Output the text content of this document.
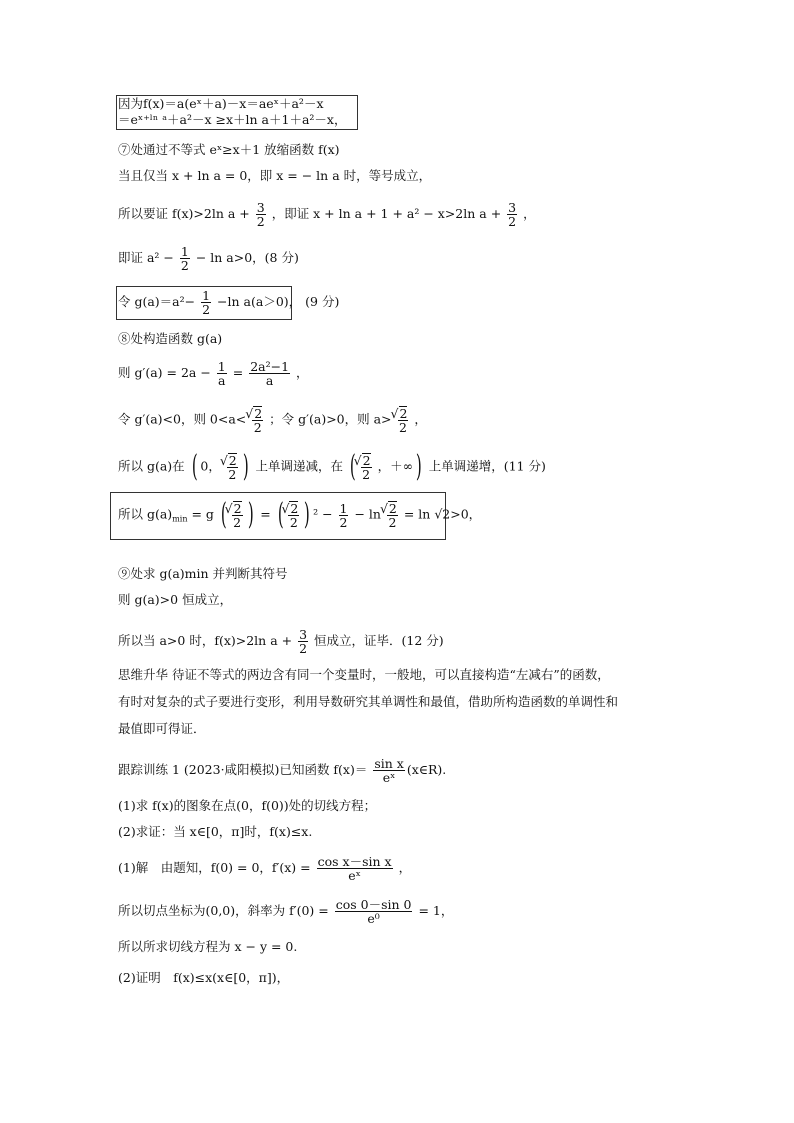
因为f(x)＝a(eˣ＋a)－x＝aeˣ＋a²－x
＝eˣ⁺ˡⁿ ᵃ＋a²－x ≥x＋ln a＋1＋a²－x，
⑦处通过不等式 eˣ≥x＋1 放缩函数 f(x)
当且仅当 x + ln a = 0，即 x = − ln a 时，等号成立，
所以要证 f(x)>2ln $a + \frac{3}{2}$ ，即证 x + ln a + 1 + a² − x>2ln $a + \frac{3}{2}$ ，
即证 $a^2 - \frac{1}{2} - \ln a>0$，(8 分)
令 $g(a)=a^2- \frac{1}{2} -\ln$ a(a＞0)， (9 分)
⑧处构造函数 g(a)
则 $g'(a) = 2a - \frac{1}{a} = \frac{\text{2a²−1}}{a}$ ，
令 g′(a)<0，则 0<a< √ $\frac{2}{2}$ ；令 g′(a)>0，则 a> √ $\frac{2}{2}$ ，
所以 g(a)在 ( 0， √ $\frac{2}{2}$ ) 上单调递减，在 ( √ $\frac{2}{2}$ ，＋∞) 上单调递增，(11 分)
所以 $g(a)_{min} = g$ ( √ $\frac{2}{2}$ ) = ( √ $\frac{2}{2}$ ) $^2 - \frac{1}{2} - \ln$ √ $\frac{2}{2} = \ln √2>0$，
⑨处求 g(a)min 并判断其符号
则 g(a)>0 恒成立，
所以当 a>0 时，f(x)>2ln $a + \frac{3}{2}$ 恒成立，证毕．(12 分)
思维升华 待证不等式的两边含有同一个变量时，一般地，可以直接构造“左减右”的函数，
有时对复杂的式子要进行变形，利用导数研究其单调性和最值，借助所构造函数的单调性和
最值即可得证．
跟踪训练 1 (2023·咸阳模拟)已知函数 $f(x)= \frac{\text{sin x}}{\text{eˣ}}$ (x∈R).
(1)求 f(x)的图象在点(0，f(0))处的切线方程；
(2)求证：当 x∈[0，π]时，f(x)≤x.
(1)解　由题知，f(0) = 0，$f'(x) = \frac{\text{cos x－sin x}}{\text{eˣ}}$ ，
所以切点坐标为(0,0)，斜率为 $f'(0) = \frac{\cos 0-\sin 0}{\text{e⁰}} = 1$，
所以所求切线方程为 x − y = 0.
(2)证明　f(x)≤x(x∈[0，π])，
